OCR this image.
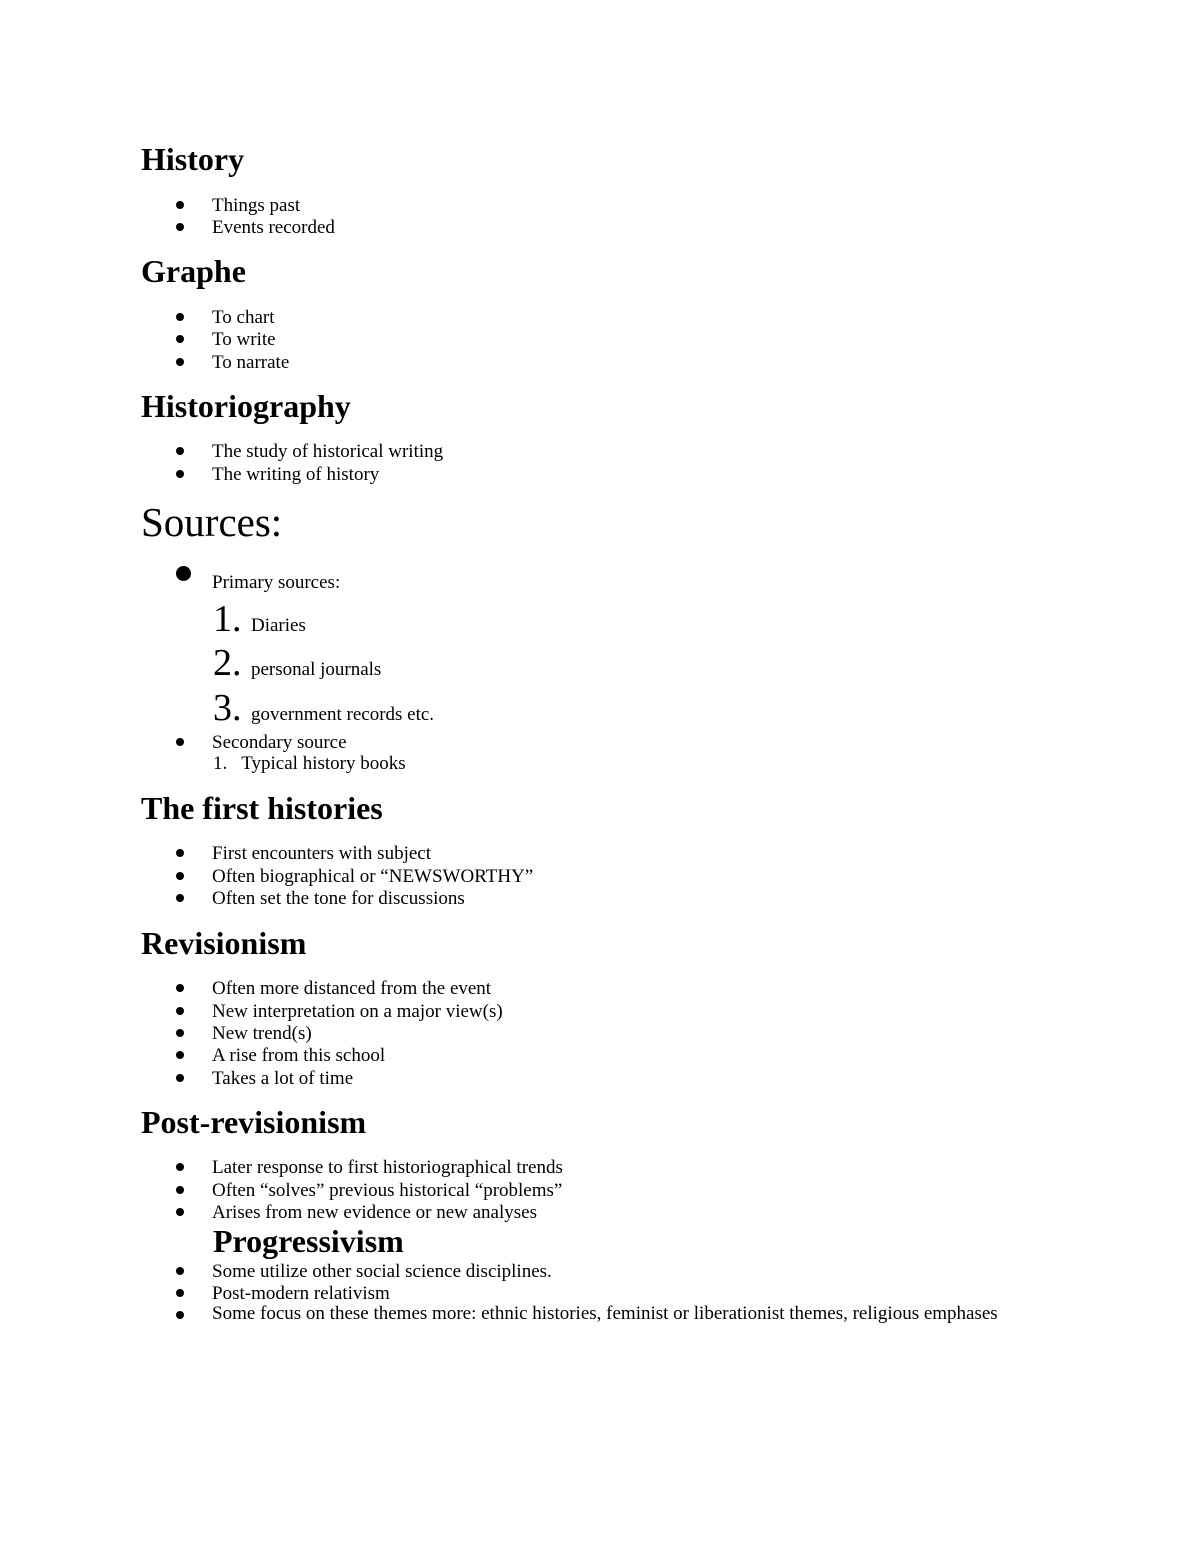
History
Things past
Events recorded
Graphe
To chart
To write
To narrate
Historiography
The study of historical writing
The writing of history
Sources:
Primary sources:
1. Diaries
2. personal journals
3. government records etc.
Secondary source
1. Typical history books
The first histories
First encounters with subject
Often biographical or “NEWSWORTHY”
Often set the tone for discussions
Revisionism
Often more distanced from the event
New interpretation on a major view(s)
New trend(s)
A rise from this school
Takes a lot of time
Post-revisionism
Later response to first historiographical trends
Often “solves” previous historical “problems”
Arises from new evidence or new analyses
Progressivism
Some utilize other social science disciplines.
Post-modern relativism
Some focus on these themes more: ethnic histories, feminist or liberationist themes, religious emphases
